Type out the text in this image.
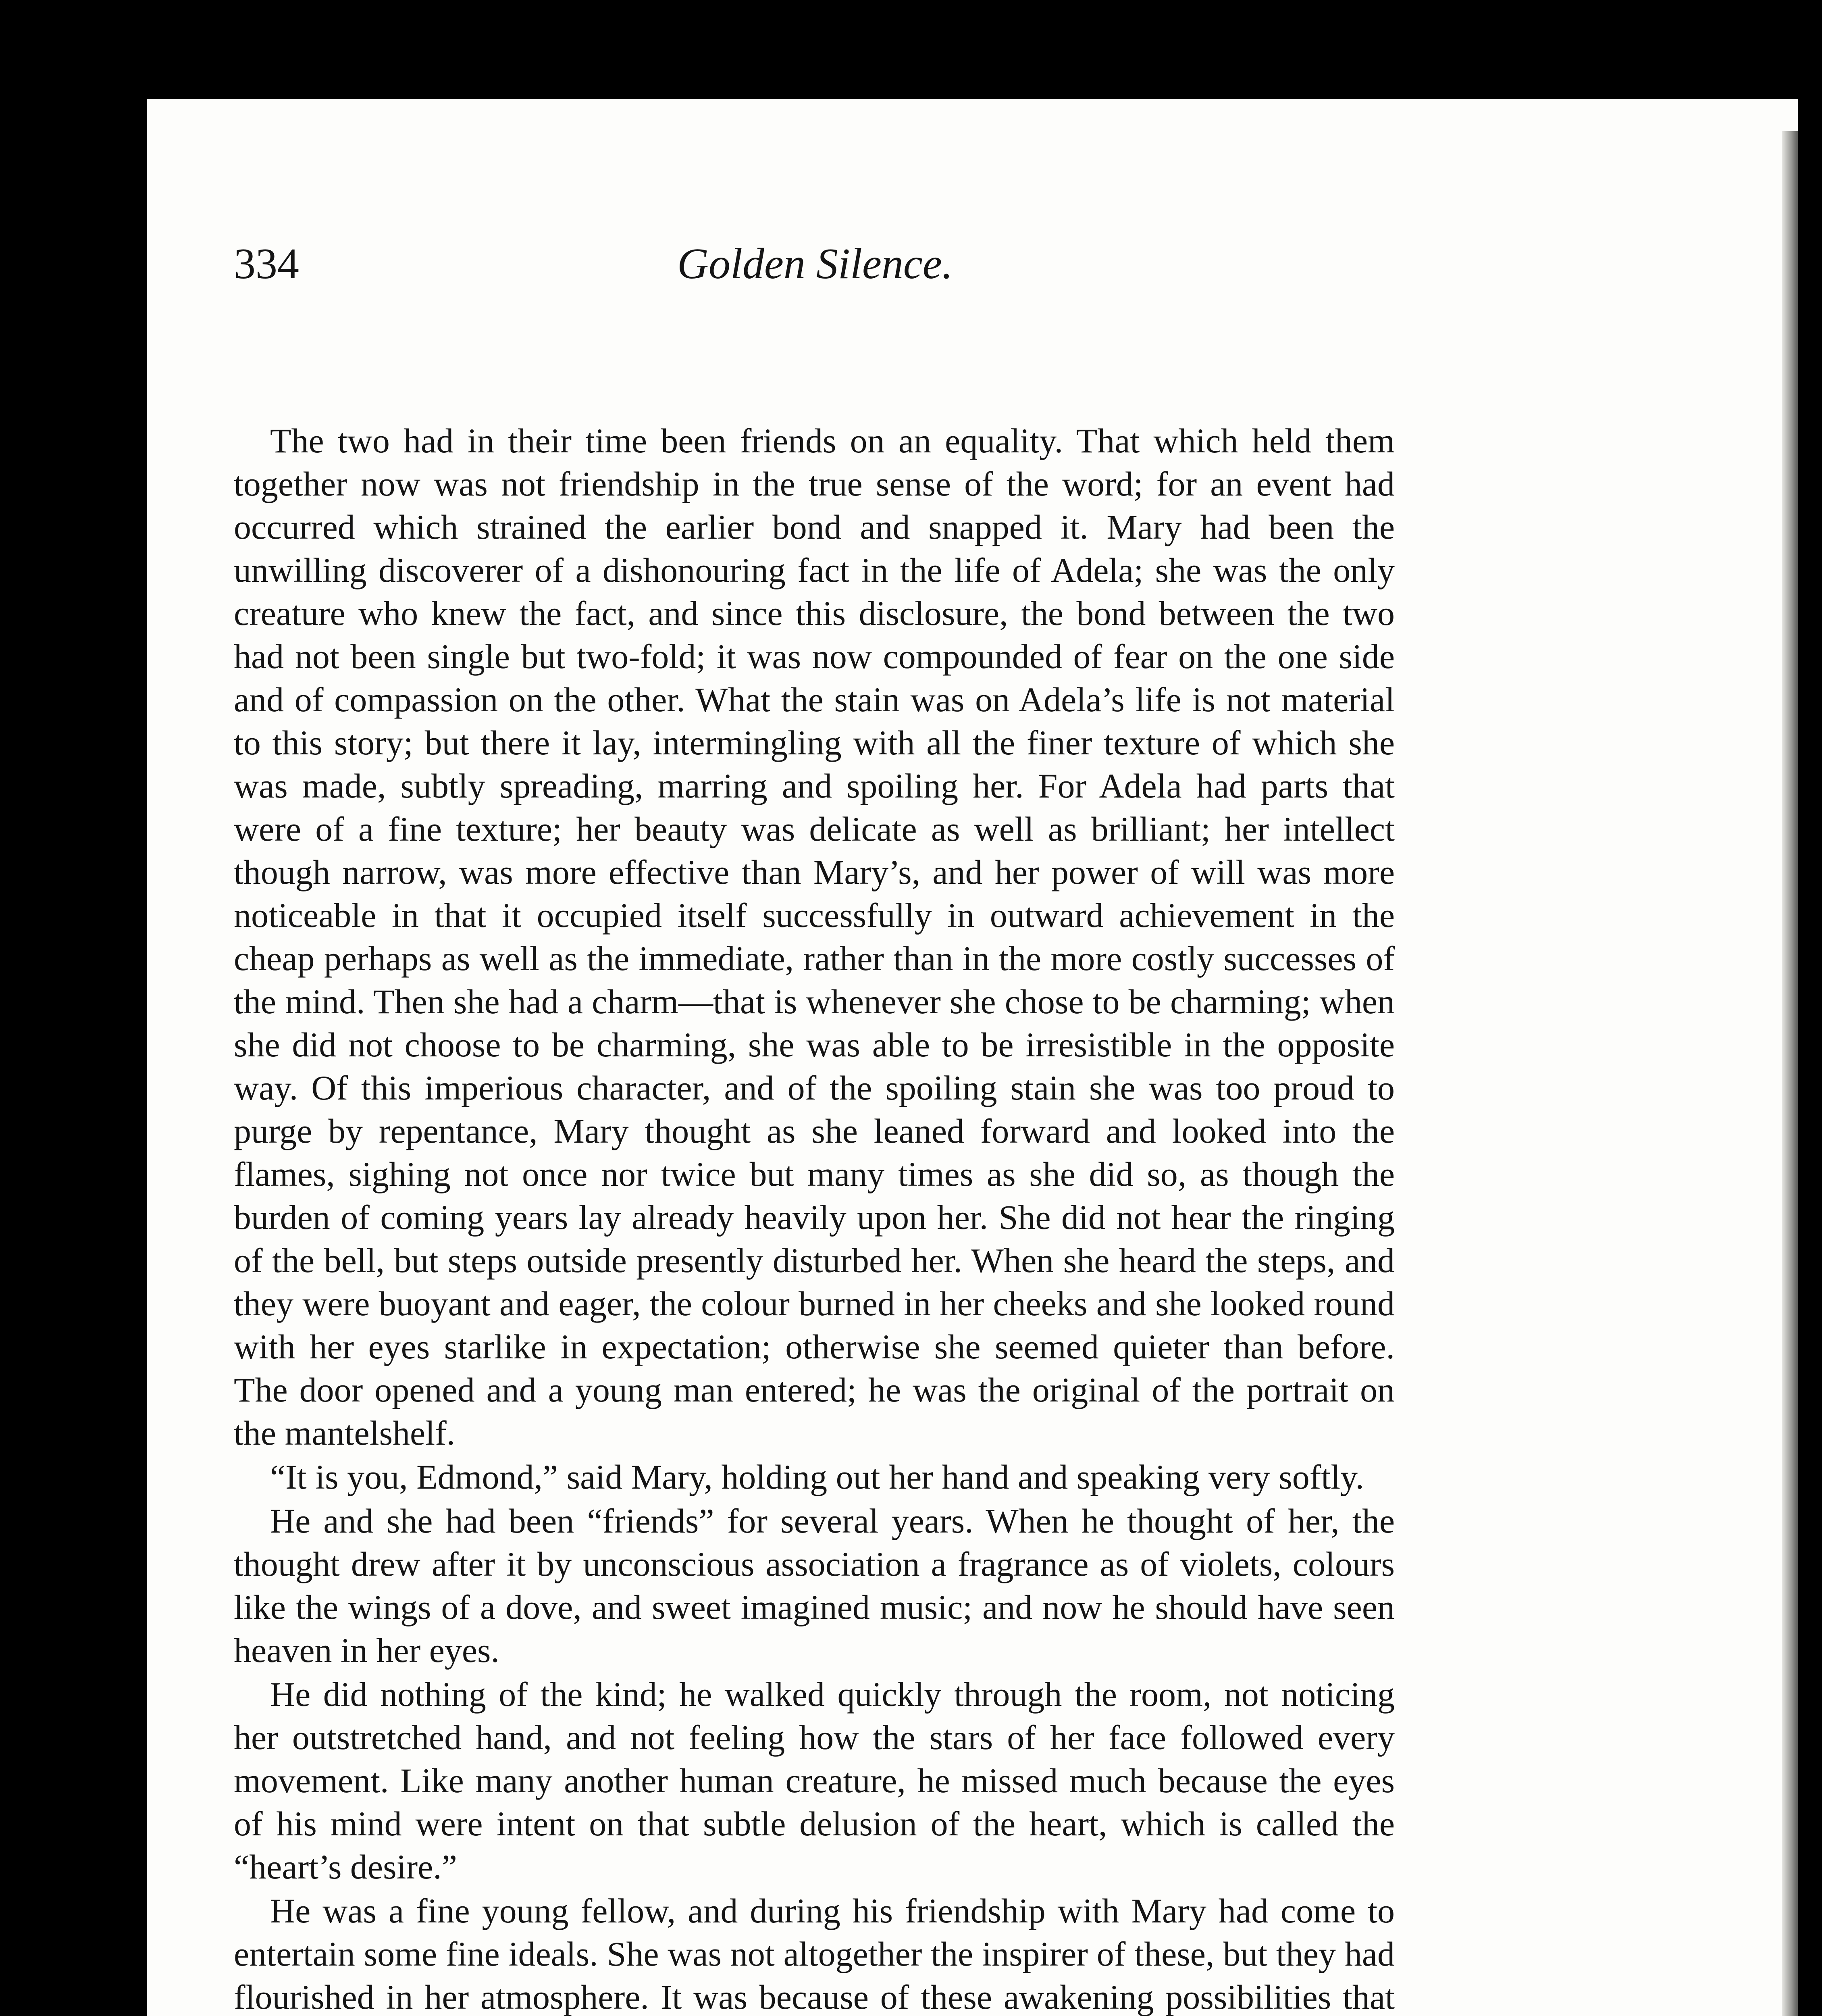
334	Golden Silence.

The two had in their time been friends on an equality. That which held them together now was not friendship in the true sense of the word; for an event had occurred which strained the earlier bond and snapped it. Mary had been the unwilling discoverer of a dishonouring fact in the life of Adela; she was the only creature who knew the fact, and since this disclosure, the bond between the two had not been single but two-fold; it was now compounded of fear on the one side and of compassion on the other. What the stain was on Adela’s life is not material to this story; but there it lay, intermingling with all the finer texture of which she was made, subtly spreading, marring and spoiling her. For Adela had parts that were of a fine texture; her beauty was delicate as well as brilliant; her intellect though narrow, was more effective than Mary’s, and her power of will was more noticeable in that it occupied itself successfully in outward achievement in the cheap perhaps as well as the immediate, rather than in the more costly successes of the mind. Then she had a charm—that is whenever she chose to be charming; when she did not choose to be charming, she was able to be irresistible in the opposite way. Of this imperious character, and of the spoiling stain she was too proud to purge by repentance, Mary thought as she leaned forward and looked into the flames, sighing not once nor twice but many times as she did so, as though the burden of coming years lay already heavily upon her. She did not hear the ringing of the bell, but steps outside presently disturbed her. When she heard the steps, and they were buoyant and eager, the colour burned in her cheeks and she looked round with her eyes starlike in expectation; otherwise she seemed quieter than before. The door opened and a young man entered; he was the original of the portrait on the mantelshelf.

“It is you, Edmond,” said Mary, holding out her hand and speaking very softly.

He and she had been “friends” for several years. When he thought of her, the thought drew after it by unconscious association a fragrance as of violets, colours like the wings of a dove, and sweet imagined music; and now he should have seen heaven in her eyes.

He did nothing of the kind; he walked quickly through the room, not noticing her outstretched hand, and not feeling how the stars of her face followed every movement. Like many another human creature, he missed much because the eyes of his mind were intent on that subtle delusion of the heart, which is called the “heart’s desire.”

He was a fine young fellow, and during his friendship with Mary had come to entertain some fine ideals. She was not altogether the inspirer of these, but they had flourished in her atmosphere. It was because of these awakening possibilities that
